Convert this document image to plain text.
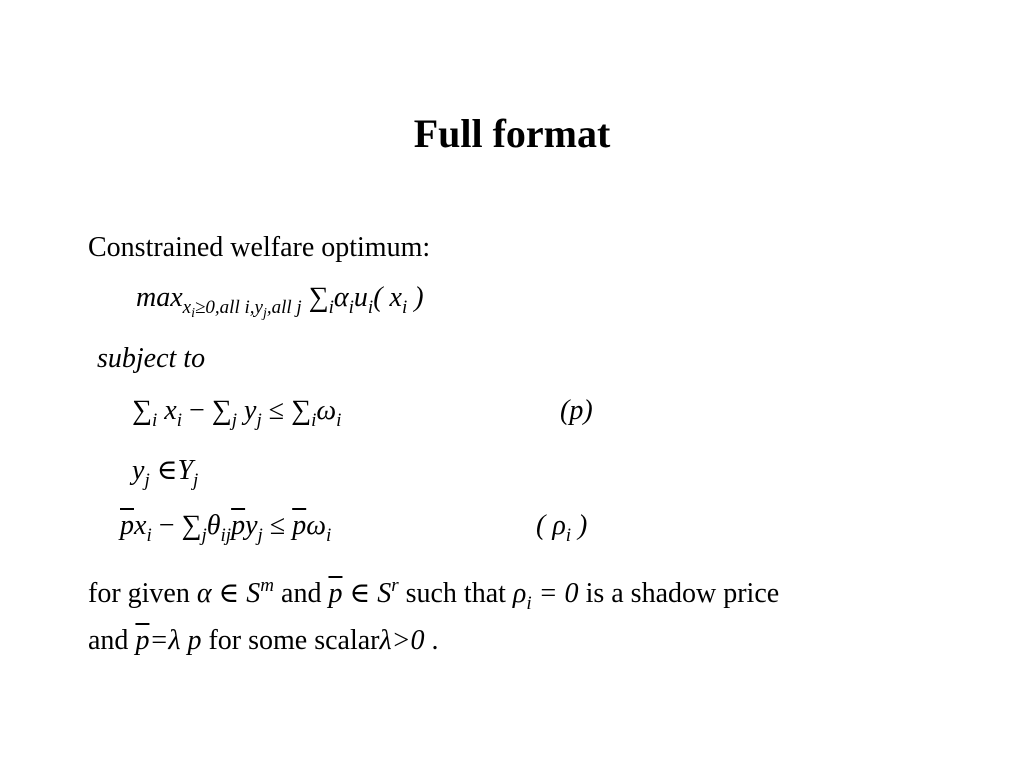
Full format
Constrained welfare optimum:
$\max_{x_i\ge 0,all i,y_j,all j} \sum_i\alpha_iu_i$( $x_i$ )
subject to
$\sum_i$ $x_i - \sum_j$ $y_j \le \sum_i\omega_i$	(p)
$y_j$ $\in Y_j$
$\overline{p}x_i - \sum_j\theta_{ij}\overline{p}y_j \le \overline{p}\omega_i$	( $\rho_i$ )
for given α ∈ $S^m$ and $\overline{p}$ ∈ $S^r$ such that $\rho_i = 0$ is a shadow price
and $\overline{p}=\lambda$ p for some scalarλ>0 .
